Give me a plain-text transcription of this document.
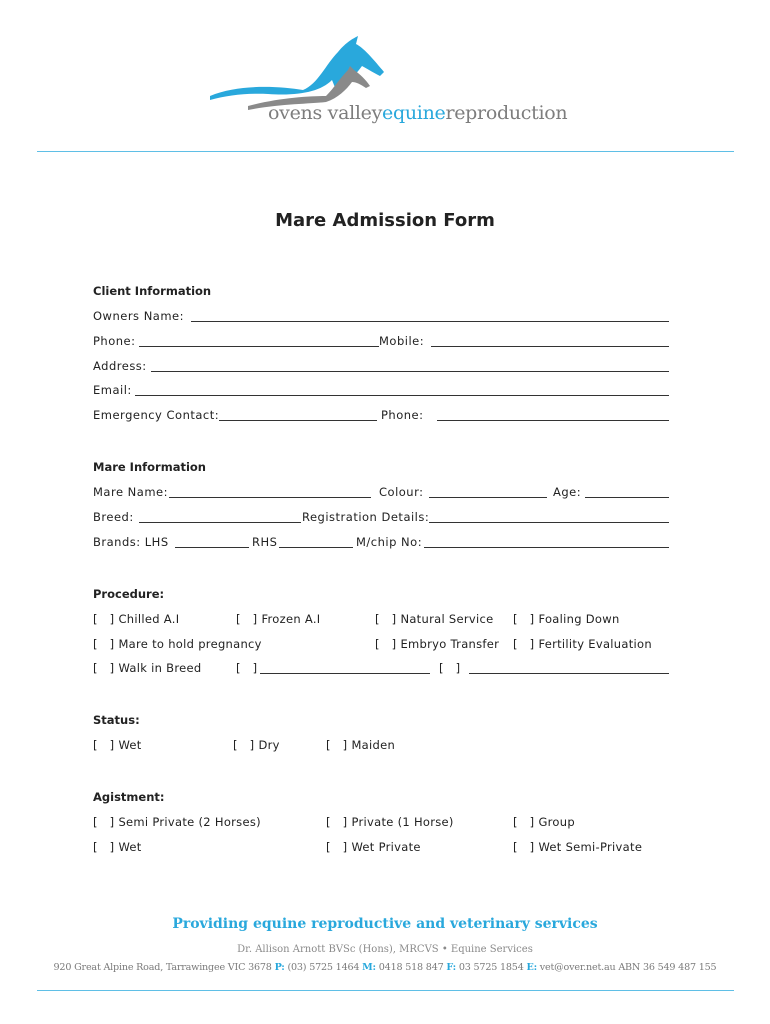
ovens valleyequinereproduction
Mare Admission Form
Client Information
Owners Name:
Phone:	Mobile:
Address:
Email:
Emergency Contact:	Phone:
Mare Information
Mare Name:	Colour:	Age:
Breed:	Registration Details:
Brands: LHS	RHS	M/chip No:
Procedure:
[ ] Chilled A.I	[ ] Frozen A.I	[ ] Natural Service [ ] Foaling Down
[ ] Mare to hold pregnancy	[ ] Embryo Transfer [ ] Fertility Evaluation
[ ] Walk in Breed	[ ]	[ ]
Status:
[ ] Wet	[ ] Dry	[ ] Maiden
Agistment:
[ ] Semi Private (2 Horses)	[ ] Private (1 Horse)	[ ] Group
[ ] Wet	[ ] Wet Private	[ ] Wet Semi-Private
Providing equine reproductive and veterinary services
Dr. Allison Arnott BVSc (Hons), MRCVS • Equine Services
920 Great Alpine Road, Tarrawingee VIC 3678 P: (03) 5725 1464 M: 0418 518 847 F: 03 5725 1854 E: vet@over.net.au ABN 36 549 487 155
